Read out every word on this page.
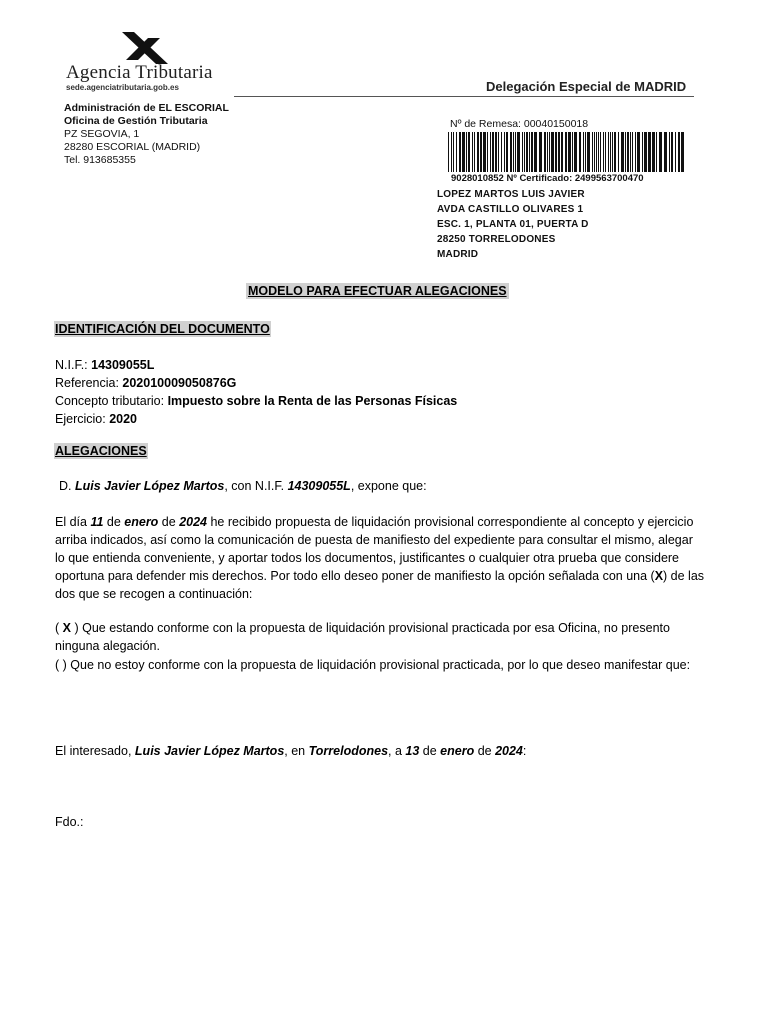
Agencia Tributaria
sede.agenciatributaria.gob.es	Delegación Especial de MADRID
Administración de EL ESCORIAL
Oficina de Gestión Tributaria
PZ SEGOVIA, 1
28280 ESCORIAL (MADRID)
Tel. 913685355
Nº de Remesa: 00040150018
9028010852 Nº Certificado: 2499563700470
LOPEZ MARTOS LUIS JAVIER
AVDA CASTILLO OLIVARES 1
ESC. 1, PLANTA 01, PUERTA D
28250 TORRELODONES
MADRID
MODELO PARA EFECTUAR ALEGACIONES
IDENTIFICACIÓN DEL DOCUMENTO
N.I.F.: 14309055L
Referencia: 202010009050876G
Concepto tributario: Impuesto sobre la Renta de las Personas Físicas
Ejercicio: 2020
ALEGACIONES
D. Luis Javier López Martos, con N.I.F. 14309055L, expone que:
El día 11 de enero de 2024 he recibido propuesta de liquidación provisional correspondiente al concepto y ejercicio arriba indicados, así como la comunicación de puesta de manifiesto del expediente para consultar el mismo, alegar lo que entienda conveniente, y aportar todos los documentos, justificantes o cualquier otra prueba que considere oportuna para defender mis derechos. Por todo ello deseo poner de manifiesto la opción señalada con una (X) de las dos que se recogen a continuación:
( X ) Que estando conforme con la propuesta de liquidación provisional practicada por esa Oficina, no presento ninguna alegación.
( ) Que no estoy conforme con la propuesta de liquidación provisional practicada, por lo que deseo manifestar que:
El interesado, Luis Javier López Martos, en Torrelodones, a 13 de enero de 2024:
Fdo.:
